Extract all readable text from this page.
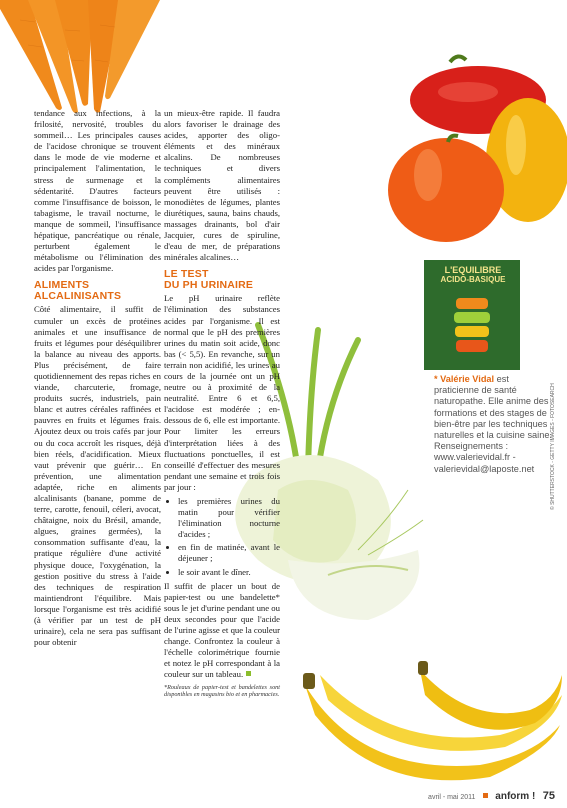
L'EQUILIBRE
ACIDO-BASIQUE

tendance aux infections, à la frilosité, nervosité, troubles du sommeil… Les principales causes de l'acidose chronique se trouvent dans le mode de vie moderne et principalement l'alimentation, le stress de surmenage et la sédentarité. D'autres facteurs comme l'insuffisance de boisson, le tabagisme, le travail nocturne, le manque de sommeil, l'insuffisance hépatique, pancréatique ou rénale, perturbent également le métabolisme ou l'élimination des acides par l'organisme.

ALIMENTS ALCALINISANTS

Côté alimentaire, il suffit de cumuler un excès de protéines animales et une insuffisance de fruits et légumes pour déséquilibrer la balance au niveau des apports. Plus précisément, de faire quotidiennement des repas riches en viande, charcuterie, fromage, produits sucrés, industriels, pain blanc et autres céréales raffinées et pauvres en fruits et légumes frais. Ajoutez deux ou trois cafés par jour ou du coca accroît les risques, déjà bien réels, d'acidification. Mieux vaut prévenir que guérir… En prévention, une alimentation adaptée, riche en aliments alcalinisants (banane, pomme de terre, carotte, fenouil, céleri, avocat, châtaigne, noix du Brésil, amande, algues, graines germées), la consommation suffisante d'eau, la pratique régulière d'une activité physique douce, l'oxygénation, la gestion positive du stress à l'aide des techniques de respiration maintiendront l'équilibre. Mais lorsque l'organisme est très acidifié (à vérifier par un test de pH urinaire), cela ne sera pas suffisant pour obtenir

un mieux-être rapide. Il faudra alors favoriser le drainage des acides, apporter des oligo-éléments et des minéraux alcalins. De nombreuses techniques et divers compléments alimentaires peuvent être utilisés : monodiètes de légumes, plantes diurétiques, sauna, bains chauds, massages drainants, bol d'air Jacquier, cures de spiruline, d'eau de mer, de préparations minérales alcalines…

LE TEST
DU PH URINAIRE

Le pH urinaire reflète l'élimination des substances acides par l'organisme. Il est normal que le pH des premières urines du matin soit acide, donc bas (< 5,5). En revanche, sur un terrain non acidifié, les urines au cours de la journée ont un pH neutre ou à proximité de la neutralité. Entre 6 et 6,5, l'acidose est modérée ; en-dessous de 6, elle est importante. Pour limiter les erreurs d'interprétation liées à des fluctuations ponctuelles, il est conseillé d'effectuer des mesures pendant une semaine et trois fois par jour :

• les premières urines du matin pour vérifier l'élimination nocturne d'acides ;
• en fin de matinée, avant le déjeuner ;
• le soir avant le dîner.

Il suffit de placer un bout de papier-test ou une bandelette* sous le jet d'urine pendant une ou deux secondes pour que l'acide de l'urine agisse et que la couleur change. Confrontez la couleur à l'échelle colorimétrique fournie et notez le pH correspondant à la couleur sur un tableau.

*Rouleaux de papier-test et bandelettes sont disponibles en magasins bio et en pharmacies.
* Valérie Vidal est praticienne de santé naturopathe. Elle anime des formations et des stages de bien-être par les techniques naturelles et la cuisine saine.
Renseignements : www.valerievidal.fr - valerievidal@laposte.net	© SHUTTERSTOCK - GETTY IMAGES - FOTOSEARCH
avril - mai 2011 anform ! 75
